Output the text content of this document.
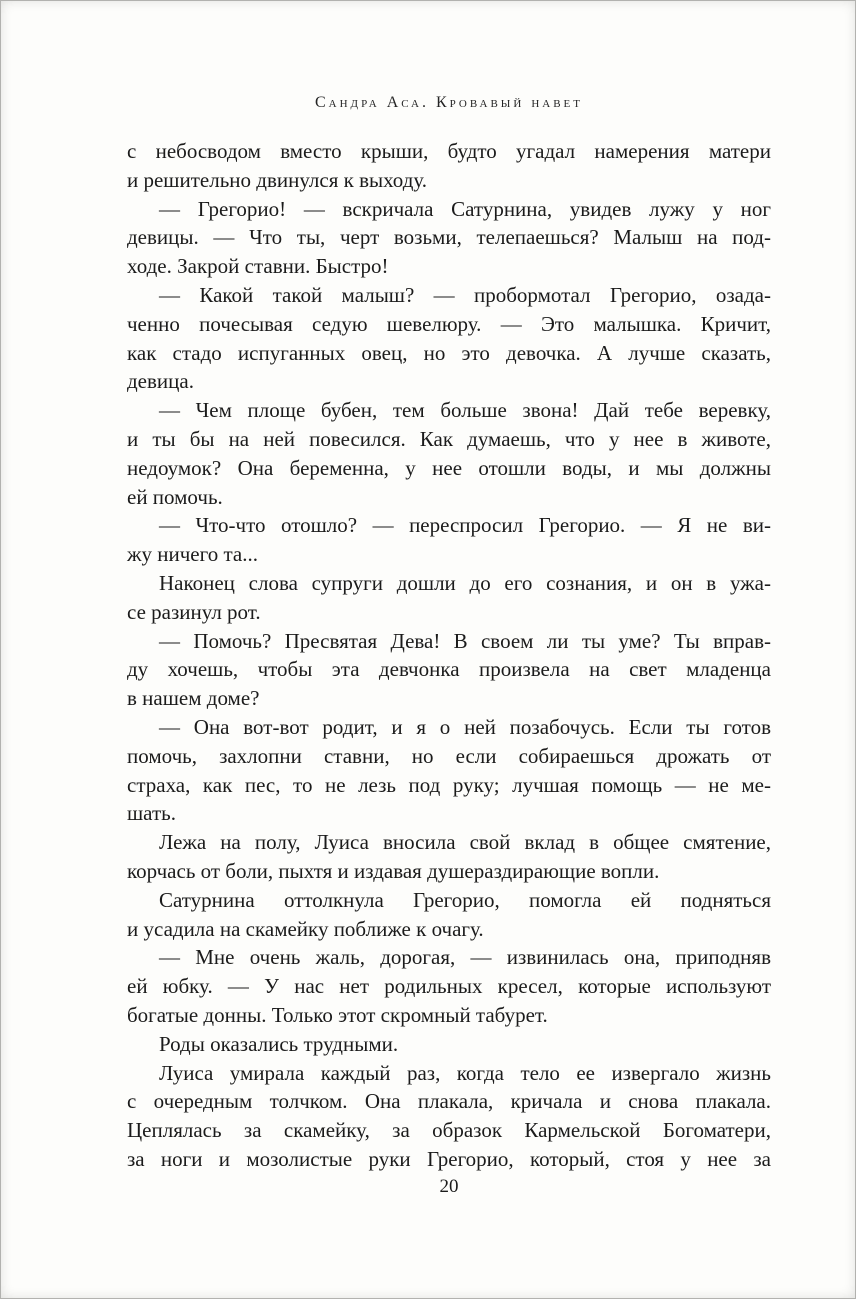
Сандра Аса. Кровавый навет
с небосводом вместо крыши, будто угадал намерения матери
и решительно двинулся к выходу.
— Грегорио! — вскричала Сатурнина, увидев лужу у ног
девицы. — Что ты, черт возьми, телепаешься? Малыш на под-
ходе. Закрой ставни. Быстро!
— Какой такой малыш? — пробормотал Грегорио, озада-
ченно почесывая седую шевелюру. — Это малышка. Кричит,
как стадо испуганных овец, но это девочка. А лучше сказать,
девица.
— Чем площе бубен, тем больше звона! Дай тебе веревку,
и ты бы на ней повесился. Как думаешь, что у нее в животе,
недоумок? Она беременна, у нее отошли воды, и мы должны
ей помочь.
— Что-что отошло? — переспросил Грегорио. — Я не ви-
жу ничего та...
Наконец слова супруги дошли до его сознания, и он в ужа-
се разинул рот.
— Помочь? Пресвятая Дева! В своем ли ты уме? Ты вправ-
ду хочешь, чтобы эта девчонка произвела на свет младенца
в нашем доме?
— Она вот-вот родит, и я о ней позабочусь. Если ты готов
помочь, захлопни ставни, но если собираешься дрожать от
страха, как пес, то не лезь под руку; лучшая помощь — не ме-
шать.
Лежа на полу, Луиса вносила свой вклад в общее смятение,
корчась от боли, пыхтя и издавая душераздирающие вопли.
Сатурнина оттолкнула Грегорио, помогла ей подняться
и усадила на скамейку поближе к очагу.
— Мне очень жаль, дорогая, — извинилась она, приподняв
ей юбку. — У нас нет родильных кресел, которые используют
богатые донны. Только этот скромный табурет.
Роды оказались трудными.
Луиса умирала каждый раз, когда тело ее извергало жизнь
с очередным толчком. Она плакала, кричала и снова плакала.
Цеплялась за скамейку, за образок Кармельской Богоматери,
за ноги и мозолистые руки Грегорио, который, стоя у нее за
20
